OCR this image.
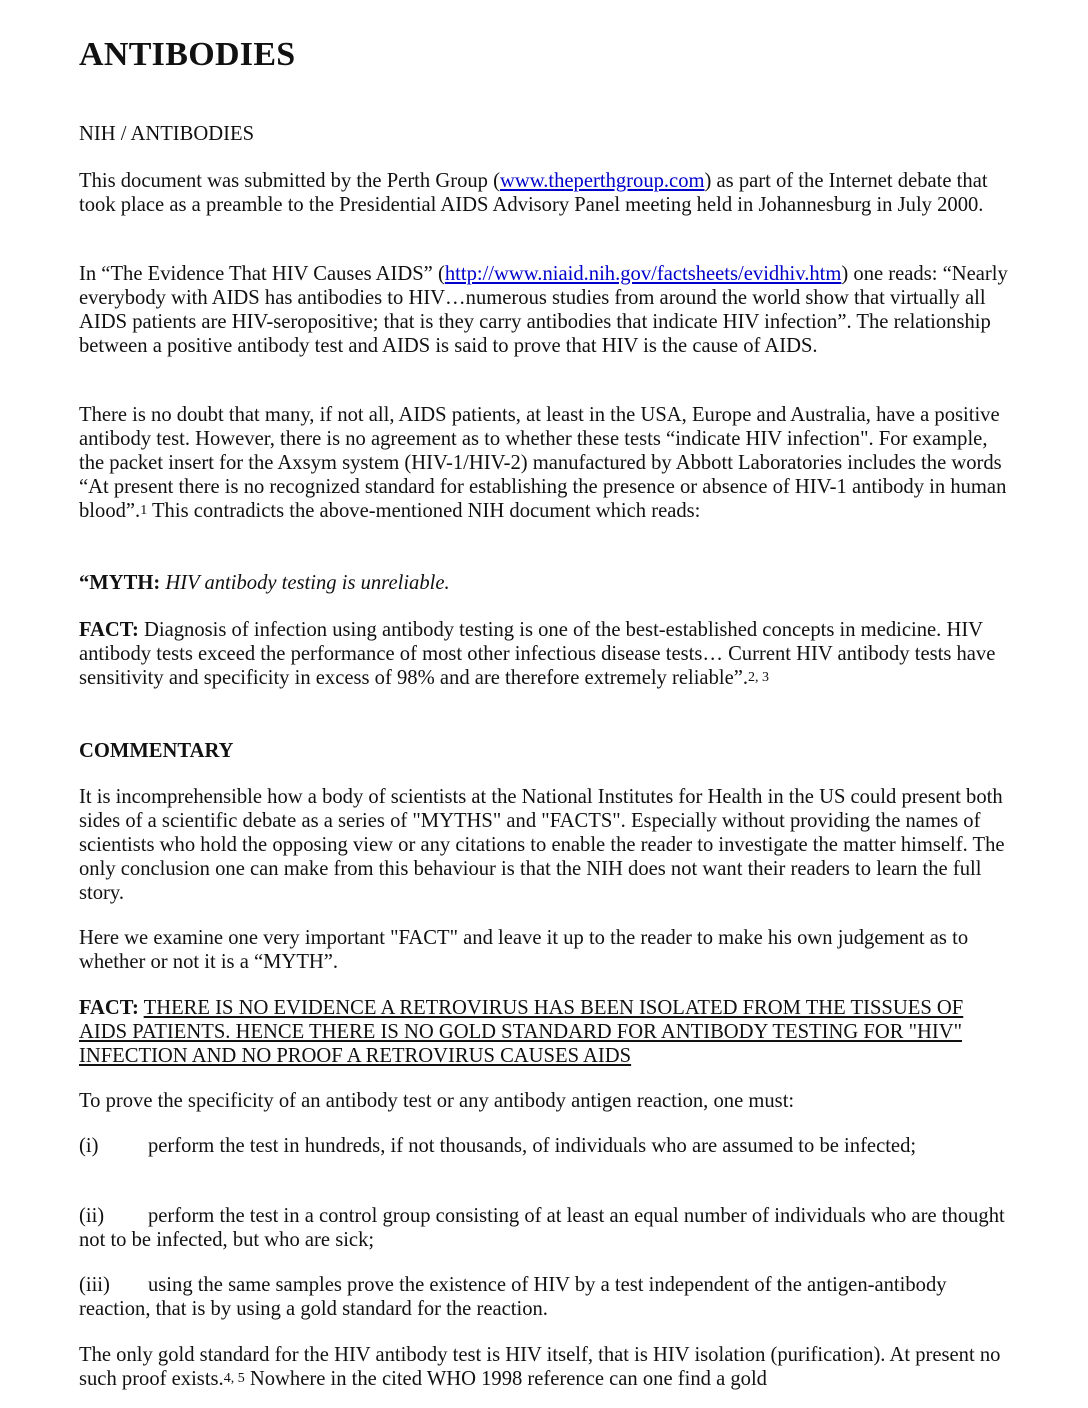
ANTIBODIES

NIH / ANTIBODIES

This document was submitted by the Perth Group (www.theperthgroup.com) as part of the Internet debate that took place as a preamble to the Presidential AIDS Advisory Panel meeting held in Johannesburg in July 2000.

In “The Evidence That HIV Causes AIDS” (http://www.niaid.nih.gov/factsheets/evidhiv.htm) one reads: “Nearly everybody with AIDS has antibodies to HIV…numerous studies from around the world show that virtually all AIDS patients are HIV-seropositive; that is they carry antibodies that indicate HIV infection”. The relationship between a positive antibody test and AIDS is said to prove that HIV is the cause of AIDS.

There is no doubt that many, if not all, AIDS patients, at least in the USA, Europe and Australia, have a positive antibody test. However, there is no agreement as to whether these tests “indicate HIV infection". For example, the packet insert for the Axsym system (HIV-1/HIV-2) manufactured by Abbott Laboratories includes the words “At present there is no recognized standard for establishing the presence or absence of HIV-1 antibody in human blood”.$^1$ This contradicts the above-mentioned NIH document which reads:

“MYTH: HIV antibody testing is unreliable.

FACT: Diagnosis of infection using antibody testing is one of the best-established concepts in medicine. HIV antibody tests exceed the performance of most other infectious disease tests… Current HIV antibody tests have sensitivity and specificity in excess of 98% and are therefore extremely reliable”.$^{2, 3}$

COMMENTARY

It is incomprehensible how a body of scientists at the National Institutes for Health in the US could present both sides of a scientific debate as a series of "MYTHS" and "FACTS". Especially without providing the names of scientists who hold the opposing view or any citations to enable the reader to investigate the matter himself. The only conclusion one can make from this behaviour is that the NIH does not want their readers to learn the full story.

Here we examine one very important "FACT" and leave it up to the reader to make his own judgement as to whether or not it is a “MYTH”.

FACT: THERE IS NO EVIDENCE A RETROVIRUS HAS BEEN ISOLATED FROM THE TISSUES OF AIDS PATIENTS. HENCE THERE IS NO GOLD STANDARD FOR ANTIBODY TESTING FOR "HIV" INFECTION AND NO PROOF A RETROVIRUS CAUSES AIDS

To prove the specificity of an antibody test or any antibody antigen reaction, one must:

(i) perform the test in hundreds, if not thousands, of individuals who are assumed to be infected;

(ii) perform the test in a control group consisting of at least an equal number of individuals who are thought not to be infected, but who are sick;

(iii) using the same samples prove the existence of HIV by a test independent of the antigen-antibody reaction, that is by using a gold standard for the reaction.

The only gold standard for the HIV antibody test is HIV itself, that is HIV isolation (purification). At present no such proof exists.$^{4, 5}$ Nowhere in the cited WHO 1998 reference can one find a gold
